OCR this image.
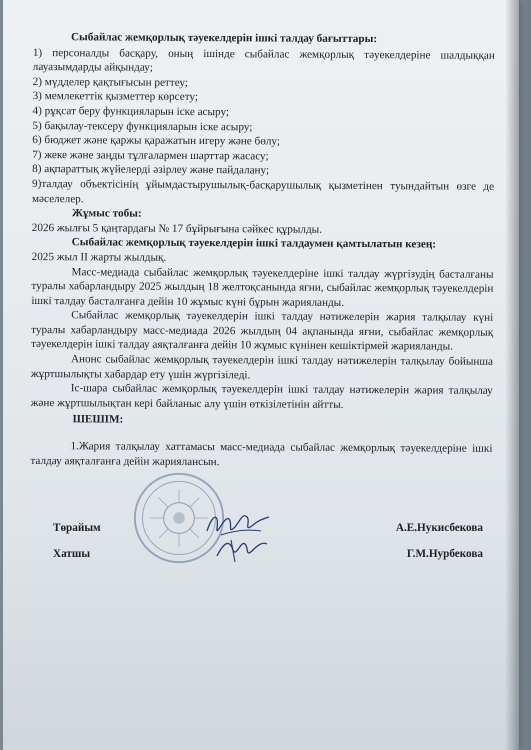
Сыбайлас жемқорлық тәуекелдерін ішкі талдау бағыттары:

1) персоналды басқару, оның ішінде сыбайлас жемқорлық тәуекелдеріне шалдыққан лауазымдарды айқындау;

2) мүдделер қақтығысын реттеу;

3) мемлекеттік қызметтер көрсету;

4) рұқсат беру функцияларын іске асыру;

5) бақылау-тексеру функцияларын іске асыру;

6) бюджет және қаржы қаражатын игеру және бөлу;

7) жеке және заңды тұлғалармен шарттар жасасу;

8) ақпараттық жүйелерді әзірлеу және пайдалану;

9)талдау объектісінің ұйымдастырушылық-басқарушылық қызметінен туындайтын өзге де мәселелер.

Жұмыс тобы:

2026 жылғы 5 қаңтардағы № 17 бұйрығына сәйкес құрылды.

Сыбайлас жемқорлық тәуекелдерін ішкі талдаумен қамтылатын кезең:

2025 жыл II жарты жылдық.

Масс-медиада сыбайлас жемқорлық тәуекелдеріне ішкі талдау жүргізудің басталғаны туралы хабарландыру 2025 жылдың 18 желтоқсанында яғни, сыбайлас жемқорлық тәуекелдерін ішкі талдау басталғанға дейін 10 жұмыс күні бұрын жарияланды.

Сыбайлас жемқорлық тәуекелдерін ішкі талдау нәтижелерін жария талқылау күні туралы хабарландыру масс-медиада 2026 жылдың 04 ақпанында яғни, сыбайлас жемқорлық тәуекелдерін ішкі талдау аяқталғанға дейін 10 жұмыс күнінен кешіктірмей жарияланды.

Анонс сыбайлас жемқорлық тәуекелдерін ішкі талдау нәтижелерін талқылау бойынша жұртшылықты хабардар ету үшін жүргізіледі.

Іс-шара сыбайлас жемқорлық тәуекелдерін ішкі талдау нәтижелерін жария талқылау және жұртшылықтан кері байланыс алу үшін өткізілетінін айтты.

ШЕШІМ:

1.Жария талқылау хаттамасы масс-медиада сыбайлас жемқорлық тәуекелдеріне ішкі талдау аяқталғанға дейін жариялансын.

Төрайым	А.Е.Нукисбекова
Хатшы	Г.М.Нурбекова
